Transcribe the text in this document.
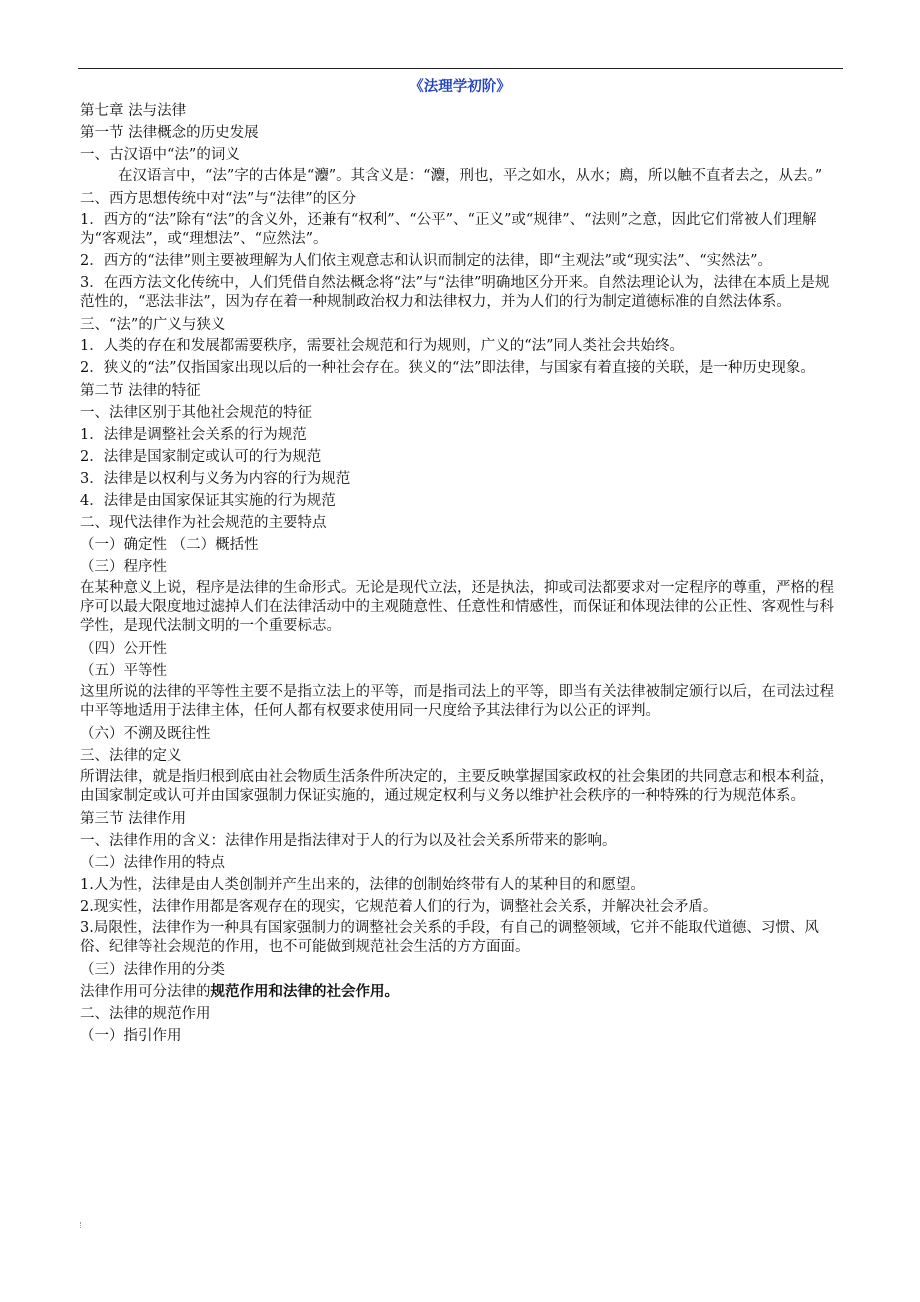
《法理学初阶》

第七章 法与法律

第一节 法律概念的历史发展

一、古汉语中“法”的词义

在汉语言中，“法”字的古体是“灋”。其含义是：“灋，刑也，平之如水，从水；廌，所以触不直者去之，从去。”

二、西方思想传统中对“法”与“法律”的区分

1．西方的“法”除有“法”的含义外，还兼有“权利”、“公平”、“正义”或“规律”、“法则”之意，因此它们常被人们理解为“客观法”，或“理想法”、“应然法”。

2．西方的“法律”则主要被理解为人们依主观意志和认识而制定的法律，即“主观法”或“现实法”、“实然法”。

3．在西方法文化传统中，人们凭借自然法概念将“法”与“法律”明确地区分开来。自然法理论认为，法律在本质上是规范性的，“恶法非法”，因为存在着一种规制政治权力和法律权力，并为人们的行为制定道德标准的自然法体系。

三、“法”的广义与狭义

1．人类的存在和发展都需要秩序，需要社会规范和行为规则，广义的“法”同人类社会共始终。

2．狭义的“法”仅指国家出现以后的一种社会存在。狭义的“法”即法律，与国家有着直接的关联，是一种历史现象。

第二节 法律的特征

一、法律区别于其他社会规范的特征

1．法律是调整社会关系的行为规范

2．法律是国家制定或认可的行为规范

3．法律是以权利与义务为内容的行为规范

4．法律是由国家保证其实施的行为规范

二、现代法律作为社会规范的主要特点

（一）确定性 （二）概括性

（三）程序性

在某种意义上说，程序是法律的生命形式。无论是现代立法，还是执法，抑或司法都要求对一定程序的尊重，严格的程序可以最大限度地过滤掉人们在法律活动中的主观随意性、任意性和情感性，而保证和体现法律的公正性、客观性与科学性，是现代法制文明的一个重要标志。

（四）公开性

（五）平等性

这里所说的法律的平等性主要不是指立法上的平等，而是指司法上的平等，即当有关法律被制定颁行以后，在司法过程中平等地适用于法律主体，任何人都有权要求使用同一尺度给予其法律行为以公正的评判。

（六）不溯及既往性

三、法律的定义

所谓法律，就是指归根到底由社会物质生活条件所决定的，主要反映掌握国家政权的社会集团的共同意志和根本利益，由国家制定或认可并由国家强制力保证实施的，通过规定权利与义务以维护社会秩序的一种特殊的行为规范体系。

第三节 法律作用

一、法律作用的含义：法律作用是指法律对于人的行为以及社会关系所带来的影响。

（二）法律作用的特点

1.人为性，法律是由人类创制并产生出来的，法律的创制始终带有人的某种目的和愿望。

2.现实性，法律作用都是客观存在的现实，它规范着人们的行为，调整社会关系，并解决社会矛盾。

3.局限性，法律作为一种具有国家强制力的调整社会关系的手段，有自己的调整领域，它并不能取代道德、习惯、风俗、纪律等社会规范的作用，也不可能做到规范社会生活的方方面面。

（三）法律作用的分类

法律作用可分法律的规范作用和法律的社会作用。

二、法律的规范作用

（一）指引作用
